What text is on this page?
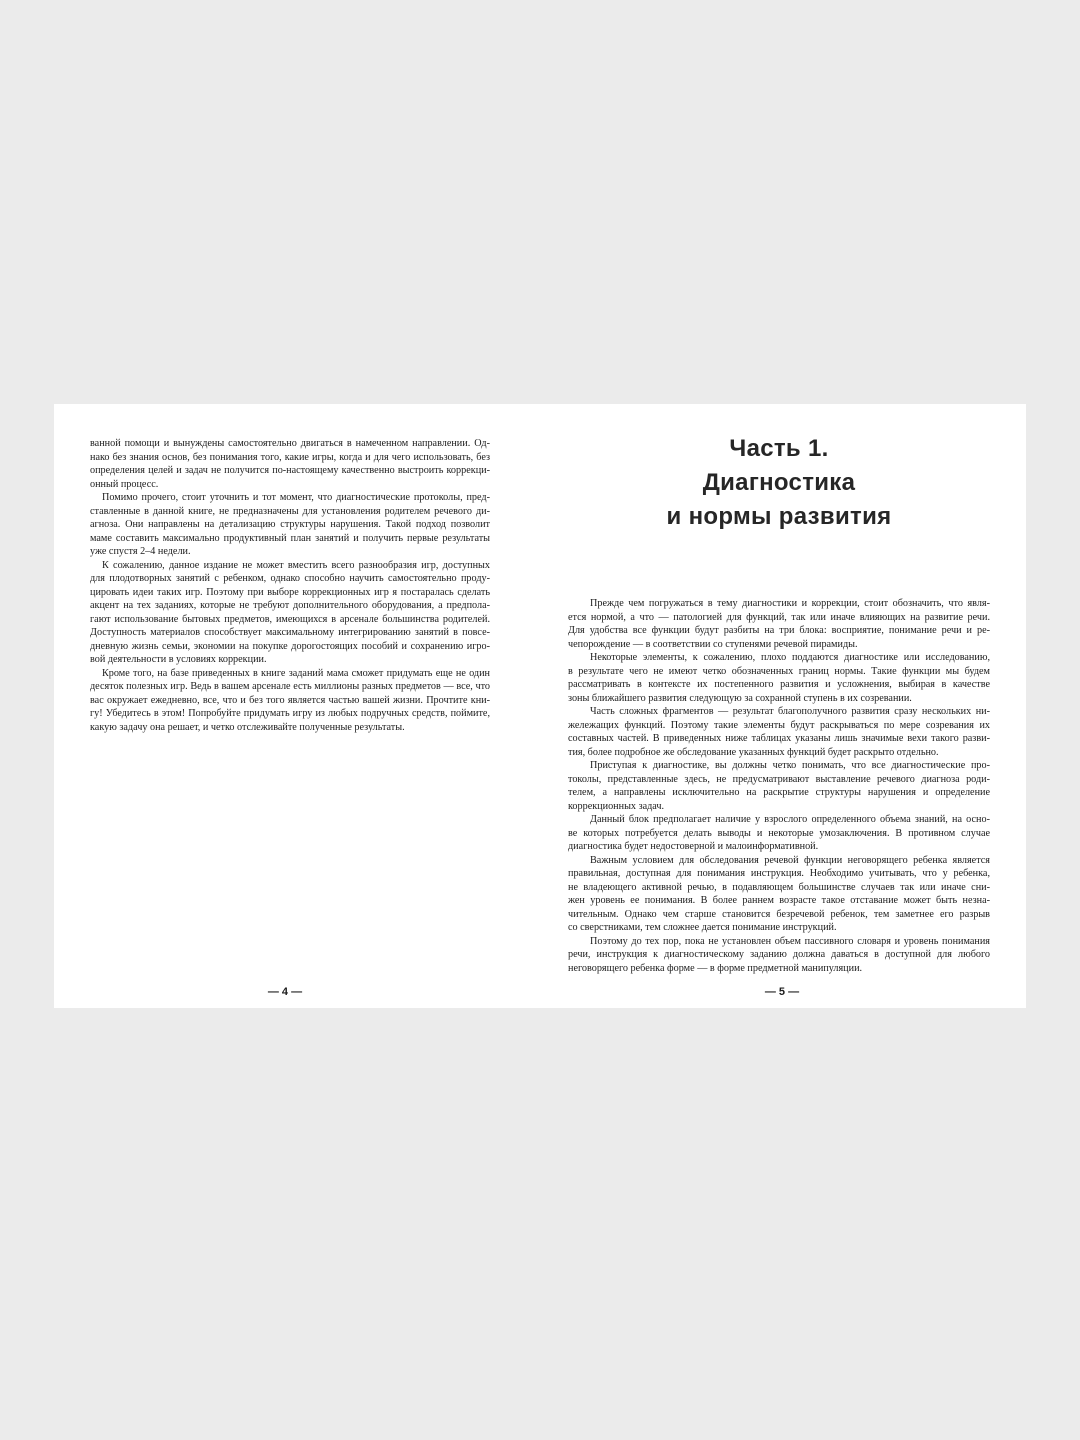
ванной помощи и вынуждены самостоятельно двигаться в намеченном направлении. Од-
нако без знания основ, без понимания того, какие игры, когда и для чего использовать, без
определения целей и задач не получится по-настоящему качественно выстроить коррекци-
онный процесс.
Помимо прочего, стоит уточнить и тот момент, что диагностические протоколы, пред-
ставленные в данной книге, не предназначены для установления родителем речевого ди-
агноза. Они направлены на детализацию структуры нарушения. Такой подход позволит
маме составить максимально продуктивный план занятий и получить первые результаты
уже спустя 2–4 недели.
К сожалению, данное издание не может вместить всего разнообразия игр, доступных
для плодотворных занятий с ребенком, однако способно научить самостоятельно проду-
цировать идеи таких игр. Поэтому при выборе коррекционных игр я постаралась сделать
акцент на тех заданиях, которые не требуют дополнительного оборудования, а предпола-
гают использование бытовых предметов, имеющихся в арсенале большинства родителей.
Доступность материалов способствует максимальному интегрированию занятий в повсе-
дневную жизнь семьи, экономии на покупке дорогостоящих пособий и сохранению игро-
вой деятельности в условиях коррекции.
Кроме того, на базе приведенных в книге заданий мама сможет придумать еще не один
десяток полезных игр. Ведь в вашем арсенале есть миллионы разных предметов — все, что
вас окружает ежедневно, все, что и без того является частью вашей жизни. Прочтите кни-
гу! Убедитесь в этом! Попробуйте придумать игру из любых подручных средств, поймите,
какую задачу она решает, и четко отслеживайте полученные результаты.
— 4 —
Часть 1.
Диагностика
и нормы развития
Прежде чем погружаться в тему диагностики и коррекции, стоит обозначить, что явля-
ется нормой, а что — патологией для функций, так или иначе влияющих на развитие речи.
Для удобства все функции будут разбиты на три блока: восприятие, понимание речи и ре-
чепорождение — в соответствии со ступенями речевой пирамиды.
Некоторые элементы, к сожалению, плохо поддаются диагностике или исследованию,
в результате чего не имеют четко обозначенных границ нормы. Такие функции мы будем
рассматривать в контексте их постепенного развития и усложнения, выбирая в качестве
зоны ближайшего развития следующую за сохранной ступень в их созревании.
Часть сложных фрагментов — результат благополучного развития сразу нескольких ни-
жележащих функций. Поэтому такие элементы будут раскрываться по мере созревания их
составных частей. В приведенных ниже таблицах указаны лишь значимые вехи такого разви-
тия, более подробное же обследование указанных функций будет раскрыто отдельно.
Приступая к диагностике, вы должны четко понимать, что все диагностические про-
токолы, представленные здесь, не предусматривают выставление речевого диагноза роди-
телем, а направлены исключительно на раскрытие структуры нарушения и определение
коррекционных задач.
Данный блок предполагает наличие у взрослого определенного объема знаний, на осно-
ве которых потребуется делать выводы и некоторые умозаключения. В противном случае
диагностика будет недостоверной и малоинформативной.
Важным условием для обследования речевой функции неговорящего ребенка является
правильная, доступная для понимания инструкция. Необходимо учитывать, что у ребенка,
не владеющего активной речью, в подавляющем большинстве случаев так или иначе сни-
жен уровень ее понимания. В более раннем возрасте такое отставание может быть незна-
чительным. Однако чем старше становится безречевой ребенок, тем заметнее его разрыв
со сверстниками, тем сложнее дается понимание инструкций.
Поэтому до тех пор, пока не установлен объем пассивного словаря и уровень понимания
речи, инструкция к диагностическому заданию должна даваться в доступной для любого
неговорящего ребенка форме — в форме предметной манипуляции.
— 5 —
